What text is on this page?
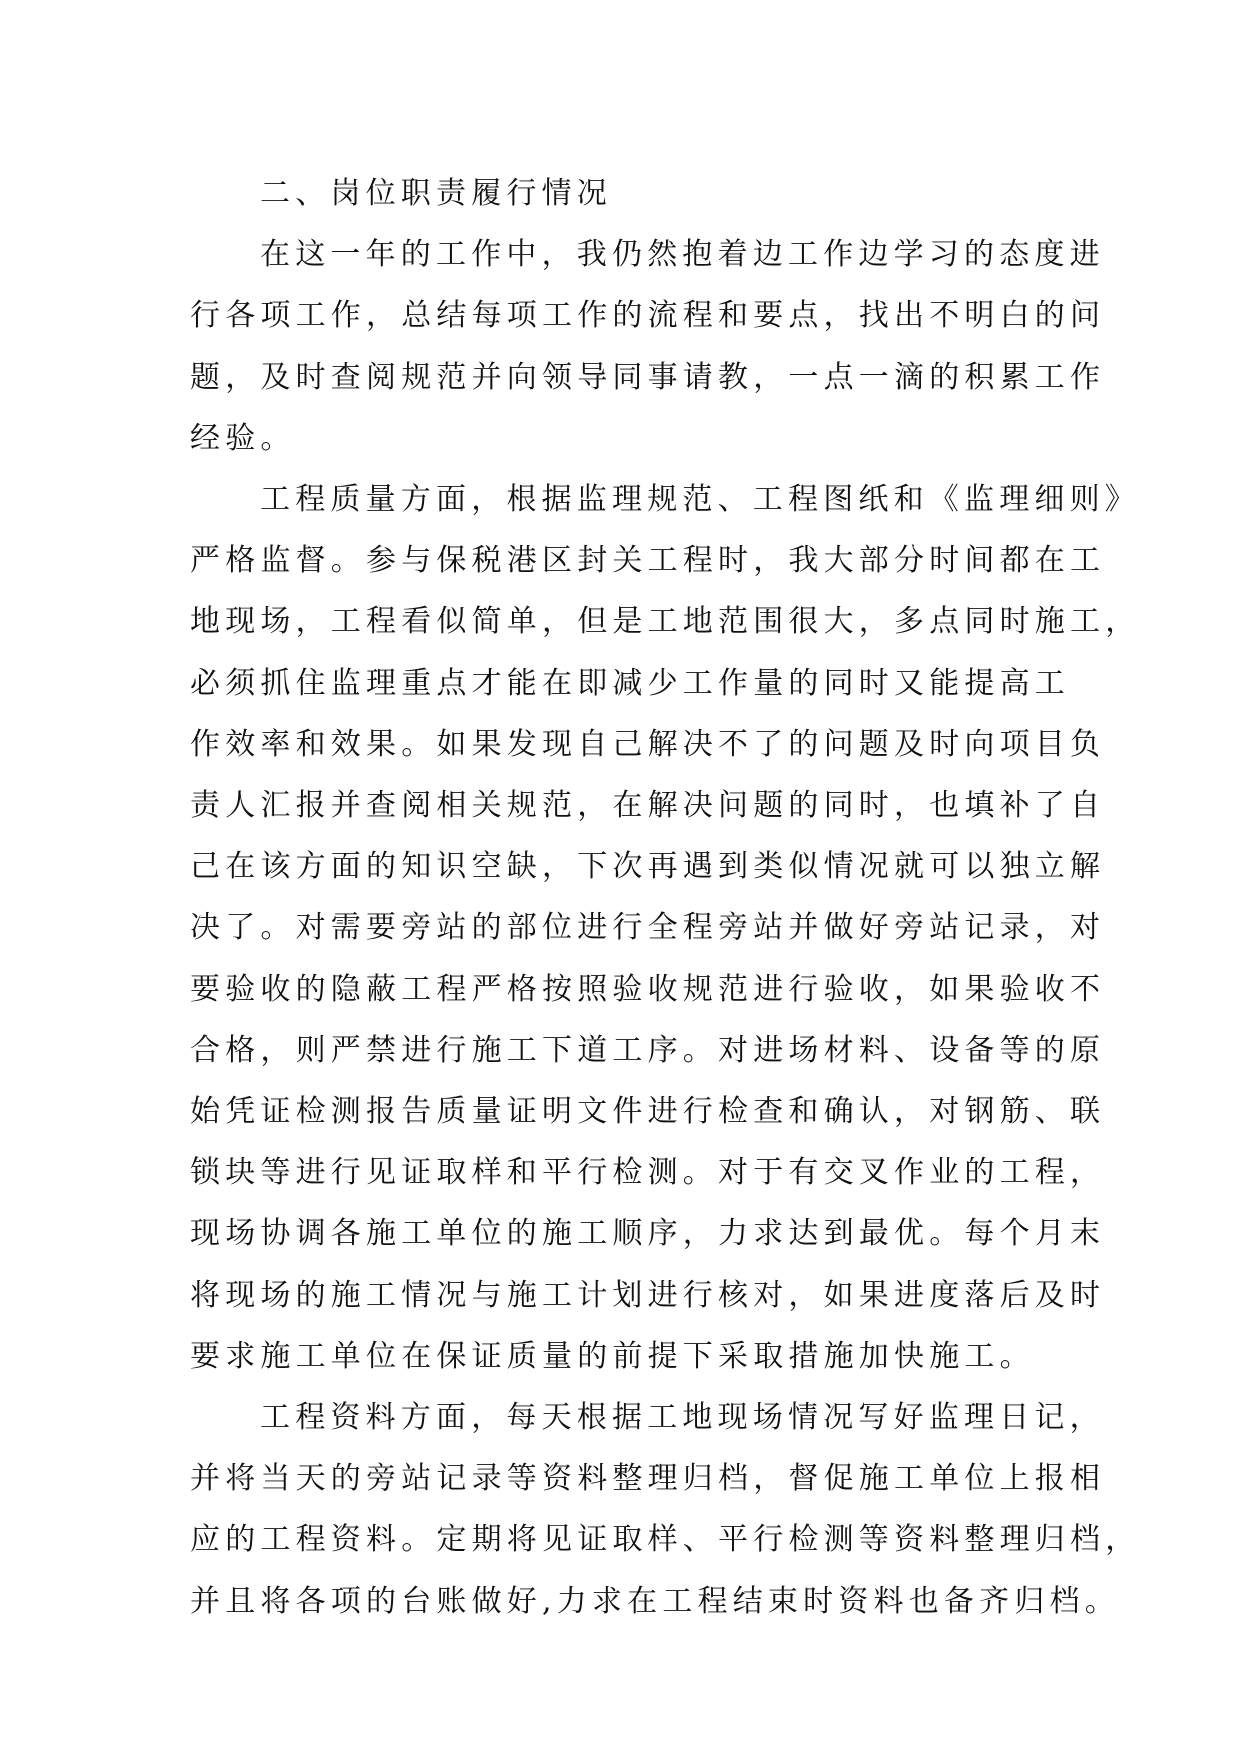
二、岗位职责履行情况

在这一年的工作中，我仍然抱着边工作边学习的态度进
行各项工作，总结每项工作的流程和要点，找出不明白的问
题，及时查阅规范并向领导同事请教，一点一滴的积累工作
经验。

工程质量方面，根据监理规范、工程图纸和《监理细则》
严格监督。参与保税港区封关工程时，我大部分时间都在工
地现场，工程看似简单，但是工地范围很大，多点同时施工，
必须抓住监理重点才能在即减少工作量的同时又能提高工
作效率和效果。如果发现自己解决不了的问题及时向项目负
责人汇报并查阅相关规范，在解决问题的同时，也填补了自
己在该方面的知识空缺，下次再遇到类似情况就可以独立解
决了。对需要旁站的部位进行全程旁站并做好旁站记录，对
要验收的隐蔽工程严格按照验收规范进行验收，如果验收不
合格，则严禁进行施工下道工序。对进场材料、设备等的原
始凭证检测报告质量证明文件进行检查和确认，对钢筋、联
锁块等进行见证取样和平行检测。对于有交叉作业的工程，
现场协调各施工单位的施工顺序，力求达到最优。每个月末
将现场的施工情况与施工计划进行核对，如果进度落后及时
要求施工单位在保证质量的前提下采取措施加快施工。

工程资料方面，每天根据工地现场情况写好监理日记，
并将当天的旁站记录等资料整理归档，督促施工单位上报相
应的工程资料。定期将见证取样、平行检测等资料整理归档，
并且将各项的台账做好,力求在工程结束时资料也备齐归档。
